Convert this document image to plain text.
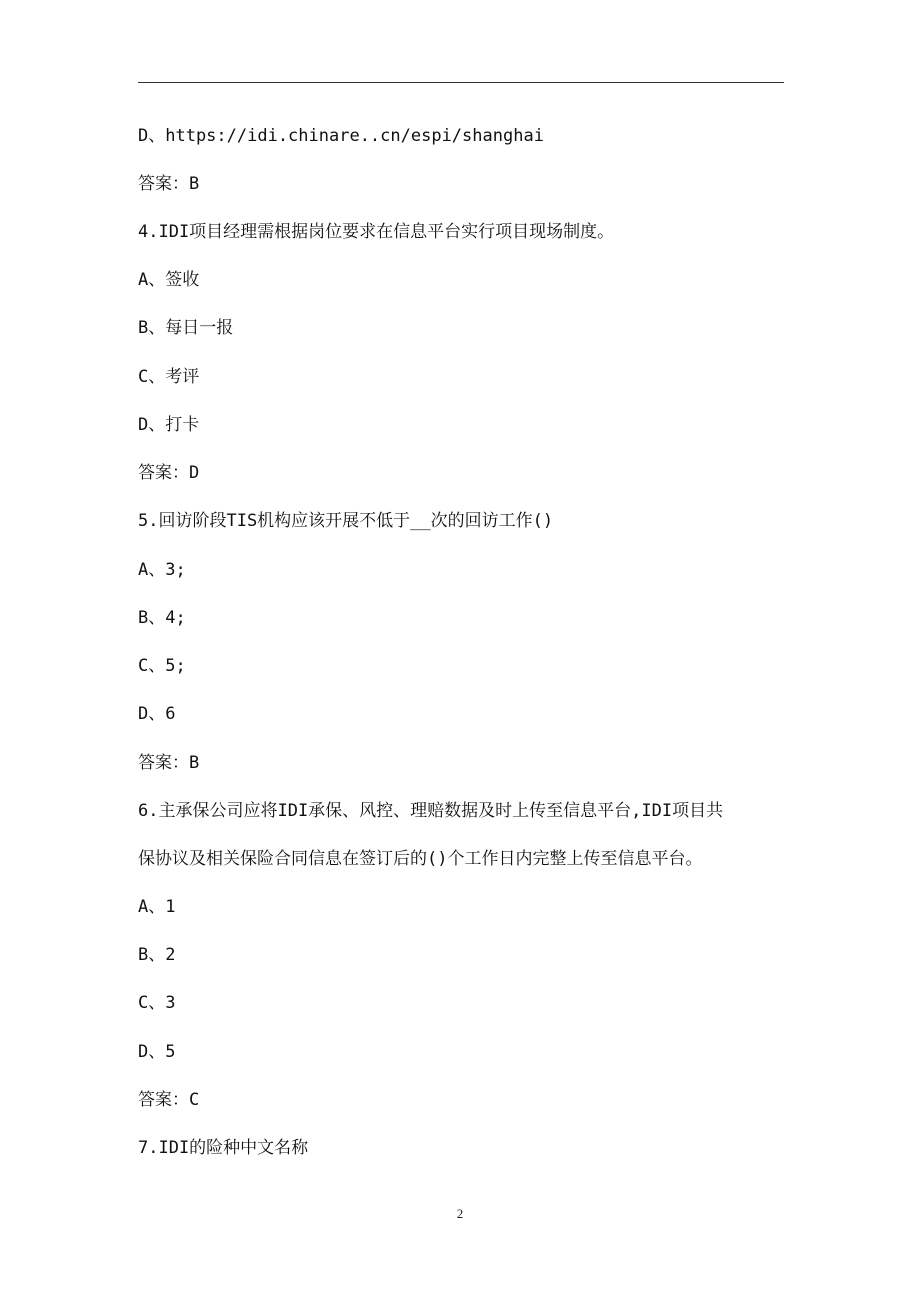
D、https://idi.chinare..cn/espi/shanghai
答案：B
4.IDI项目经理需根据岗位要求在信息平台实行项目现场制度。
A、签收
B、每日一报
C、考评
D、打卡
答案：D
5.回访阶段TIS机构应该开展不低于__次的回访工作()
A、3;
B、4;
C、5;
D、6
答案：B
6.主承保公司应将IDI承保、风控、理赔数据及时上传至信息平台,IDI项目共
保协议及相关保险合同信息在签订后的()个工作日内完整上传至信息平台。
A、1
B、2
C、3
D、5
答案：C
7.IDI的险种中文名称
2
